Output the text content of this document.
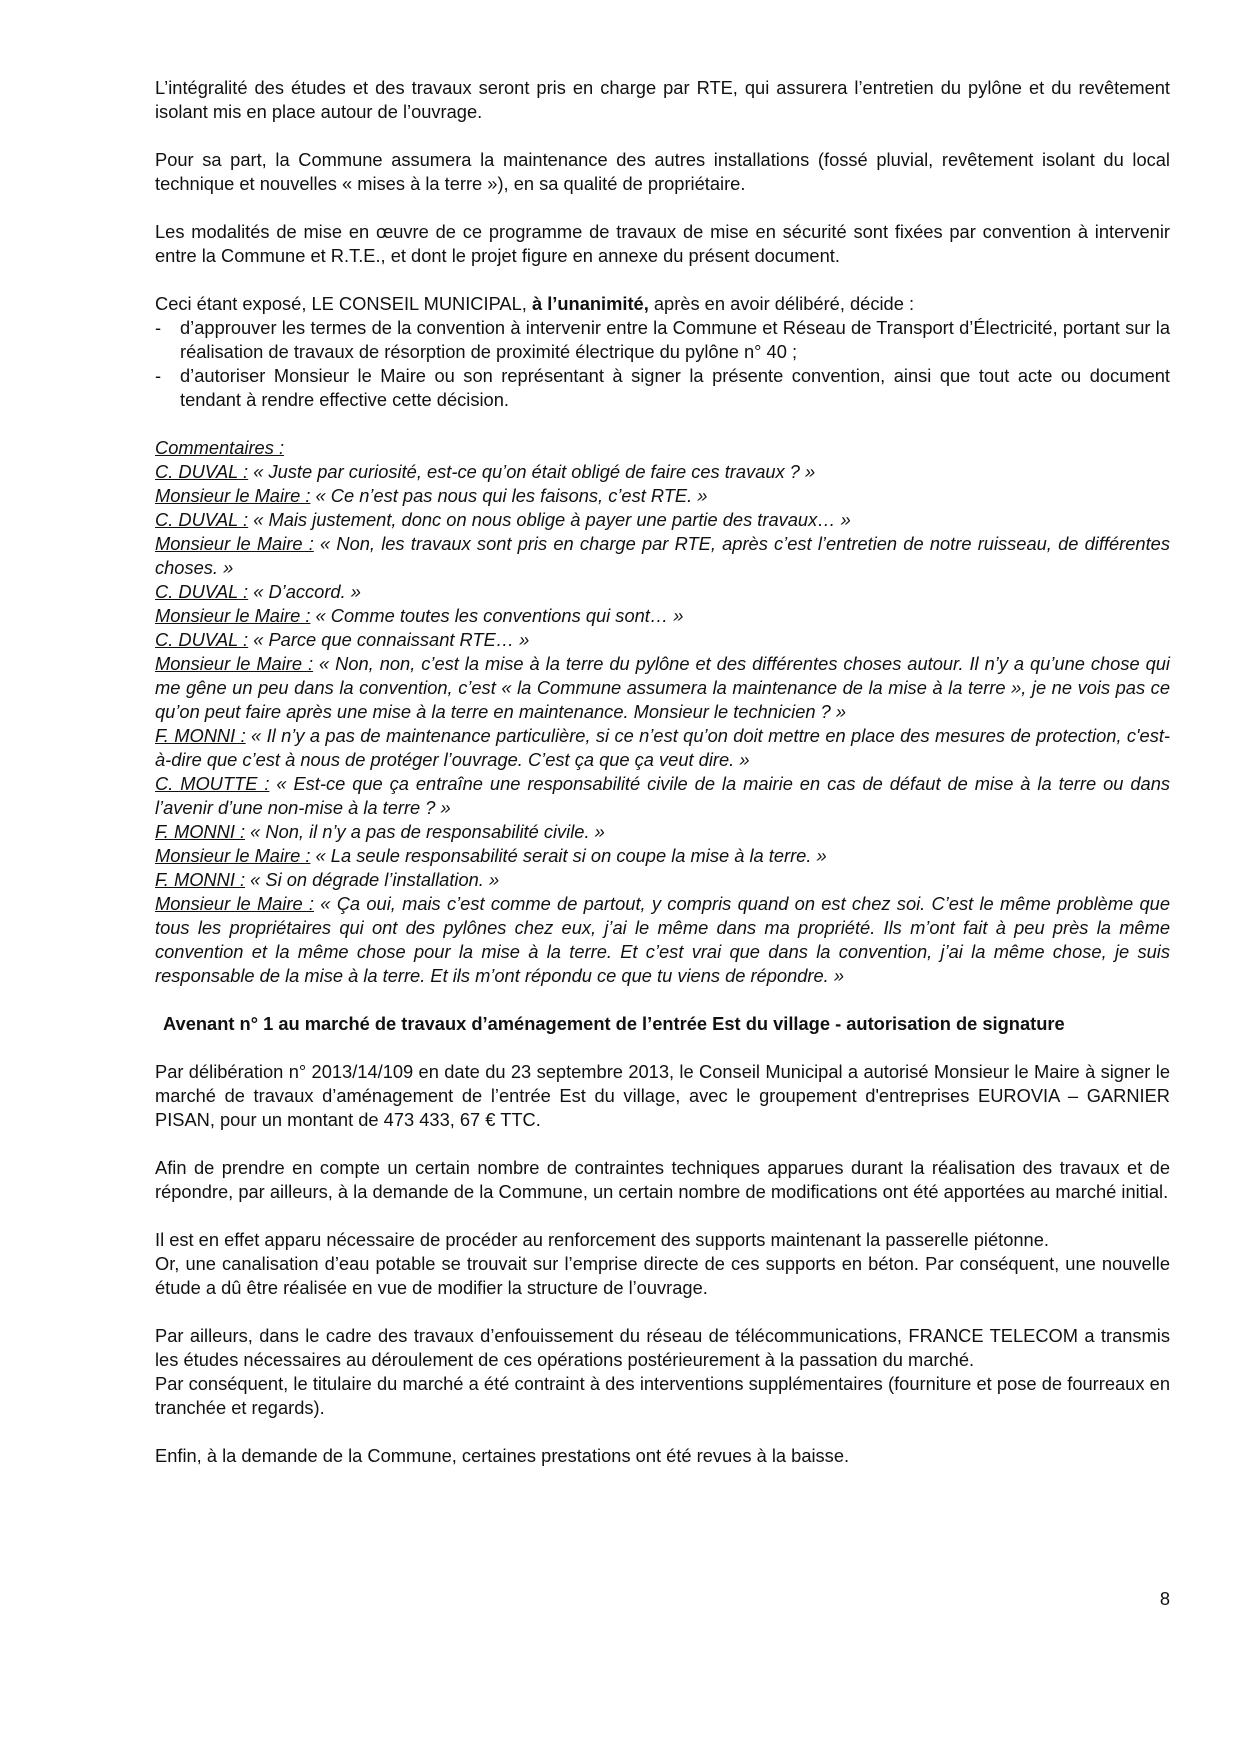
L’intégralité des études et des travaux seront pris en charge par RTE, qui assurera l’entretien du pylône et du revêtement isolant mis en place autour de l’ouvrage.

Pour sa part, la Commune assumera la maintenance des autres installations (fossé pluvial, revêtement isolant du local technique et nouvelles « mises à la terre »), en sa qualité de propriétaire.

Les modalités de mise en œuvre de ce programme de travaux de mise en sécurité sont fixées par convention à intervenir entre la Commune et R.T.E., et dont le projet figure en annexe du présent document.

Ceci étant exposé, LE CONSEIL MUNICIPAL, à l’unanimité, après en avoir délibéré, décide :

- d’approuver les termes de la convention à intervenir entre la Commune et Réseau de Transport d’Électricité, portant sur la réalisation de travaux de résorption de proximité électrique du pylône n° 40 ;
- d’autoriser Monsieur le Maire ou son représentant à signer la présente convention, ainsi que tout acte ou document tendant à rendre effective cette décision.
Commentaires :
C. DUVAL : « Juste par curiosité, est-ce qu’on était obligé de faire ces travaux ? »
Monsieur le Maire : « Ce n’est pas nous qui les faisons, c’est RTE. »
C. DUVAL : « Mais justement, donc on nous oblige à payer une partie des travaux… »
Monsieur le Maire : « Non, les travaux sont pris en charge par RTE, après c’est l’entretien de notre ruisseau, de différentes choses. »
C. DUVAL : « D’accord. »
Monsieur le Maire : « Comme toutes les conventions qui sont… »
C. DUVAL : « Parce que connaissant RTE… »
Monsieur le Maire : « Non, non, c’est la mise à la terre du pylône et des différentes choses autour. Il n’y a qu’une chose qui me gêne un peu dans la convention, c’est « la Commune assumera la maintenance de la mise à la terre », je ne vois pas ce qu’on peut faire après une mise à la terre en maintenance. Monsieur le technicien ? »
F. MONNI : « Il n’y a pas de maintenance particulière, si ce n’est qu’on doit mettre en place des mesures de protection, c'est-à-dire que c’est à nous de protéger l’ouvrage. C’est ça que ça veut dire. »
C. MOUTTE : « Est-ce que ça entraîne une responsabilité civile de la mairie en cas de défaut de mise à la terre ou dans l’avenir d’une non-mise à la terre ? »
F. MONNI : « Non, il n’y a pas de responsabilité civile. »
Monsieur le Maire : « La seule responsabilité serait si on coupe la mise à la terre. »
F. MONNI : « Si on dégrade l’installation. »
Monsieur le Maire : « Ça oui, mais c’est comme de partout, y compris quand on est chez soi. C’est le même problème que tous les propriétaires qui ont des pylônes chez eux, j’ai le même dans ma propriété. Ils m’ont fait à peu près la même convention et la même chose pour la mise à la terre. Et c’est vrai que dans la convention, j’ai la même chose, je suis responsable de la mise à la terre. Et ils m’ont répondu ce que tu viens de répondre. »
Avenant n° 1 au marché de travaux d’aménagement de l’entrée Est du village - autorisation de signature

Par délibération n° 2013/14/109 en date du 23 septembre 2013, le Conseil Municipal a autorisé Monsieur le Maire à signer le marché de travaux d’aménagement de l’entrée Est du village, avec le groupement d'entreprises EUROVIA – GARNIER PISAN, pour un montant de 473 433, 67 € TTC.

Afin de prendre en compte un certain nombre de contraintes techniques apparues durant la réalisation des travaux et de répondre, par ailleurs, à la demande de la Commune, un certain nombre de modifications ont été apportées au marché initial.

Il est en effet apparu nécessaire de procéder au renforcement des supports maintenant la passerelle piétonne.

Or, une canalisation d’eau potable se trouvait sur l’emprise directe de ces supports en béton. Par conséquent, une nouvelle étude a dû être réalisée en vue de modifier la structure de l’ouvrage.

Par ailleurs, dans le cadre des travaux d’enfouissement du réseau de télécommunications, FRANCE TELECOM a transmis les études nécessaires au déroulement de ces opérations postérieurement à la passation du marché.

Par conséquent, le titulaire du marché a été contraint à des interventions supplémentaires (fourniture et pose de fourreaux en tranchée et regards).

Enfin, à la demande de la Commune, certaines prestations ont été revues à la baisse.

8
